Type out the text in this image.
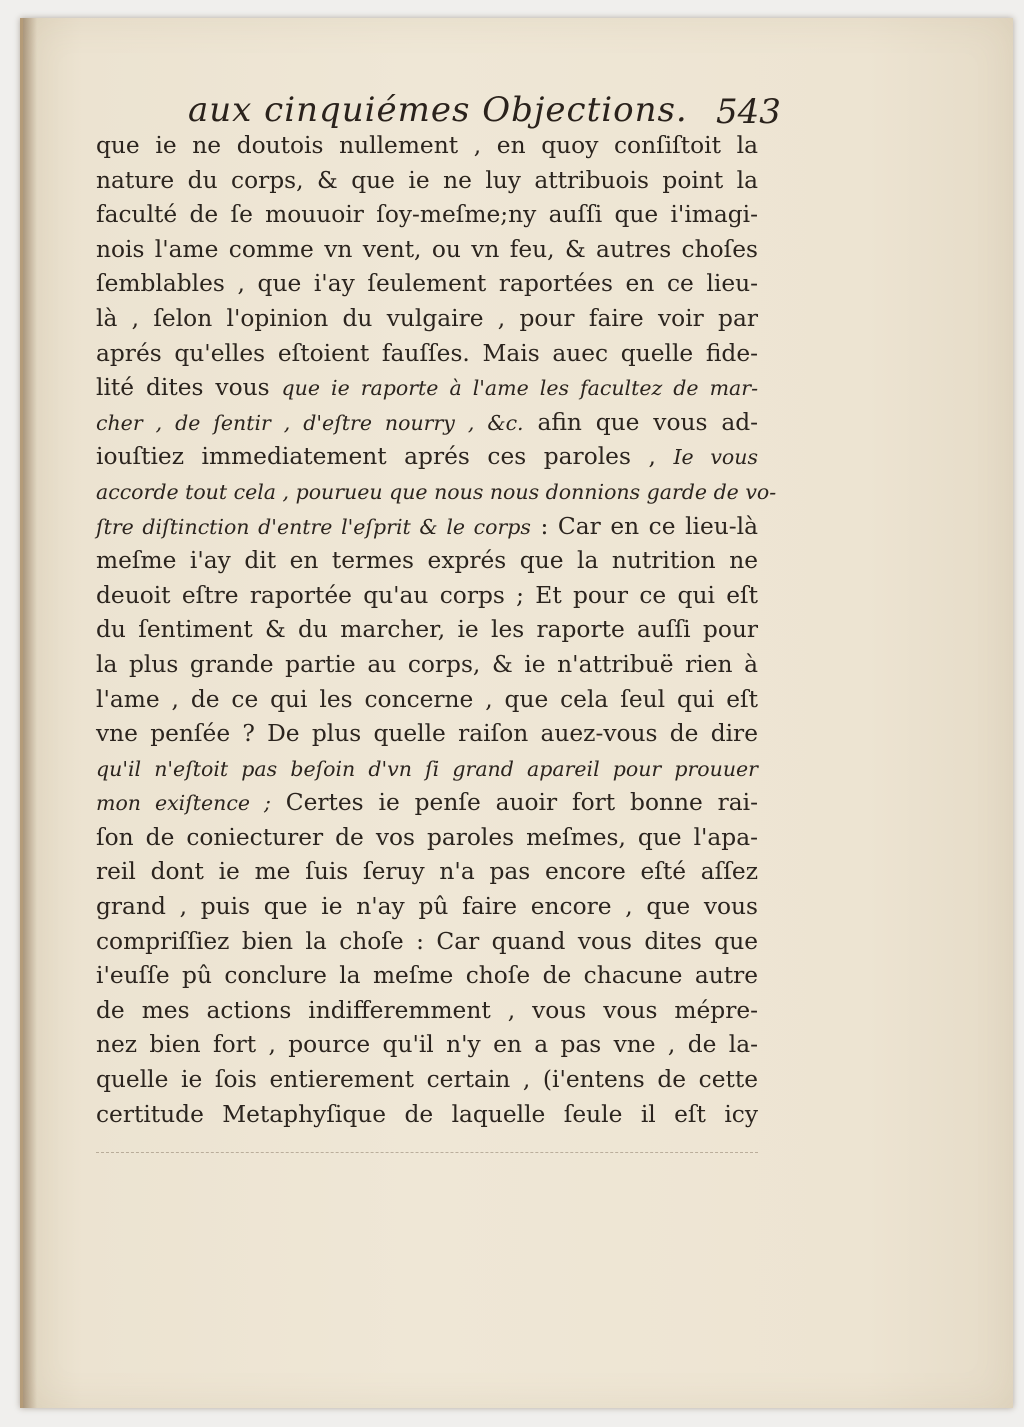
aux cinquiémes Objections. 543
que ie ne doutois nullement , en quoy conſiſtoit la
nature du corps, & que ie ne luy attribuois point la
faculté de ſe mouuoir ſoy-meſme;ny auſſi que i'imagi-
nois l'ame comme vn vent, ou vn feu, & autres choſes
ſemblables , que i'ay ſeulement raportées en ce lieu-
là , ſelon l'opinion du vulgaire , pour faire voir par
aprés qu'elles eſtoient fauſſes. Mais auec quelle fide-
lité dites vous que ie raporte à l'ame les facultez de mar-
cher , de ſentir , d'eſtre nourry , &c. afin que vous ad-
iouſtiez immediatement aprés ces paroles , Ie vous
accorde tout cela , pourueu que nous nous donnions garde de vo-
ſtre diſtinction d'entre l'eſprit & le corps : Car en ce lieu-là
meſme i'ay dit en termes exprés que la nutrition ne
deuoit eſtre raportée qu'au corps ; Et pour ce qui eſt
du ſentiment & du marcher, ie les raporte auſſi pour
la plus grande partie au corps, & ie n'attribuë rien à
l'ame , de ce qui les concerne , que cela ſeul qui eſt
vne penſée ? De plus quelle raiſon auez-vous de dire
qu'il n'eſtoit pas beſoin d'vn ſi grand apareil pour prouuer
mon exiſtence ; Certes ie penſe auoir fort bonne rai-
ſon de coniecturer de vos paroles meſmes, que l'apa-
reil dont ie me ſuis ſeruy n'a pas encore eſté aſſez
grand , puis que ie n'ay pû faire encore , que vous
compriſſiez bien la choſe : Car quand vous dites que
i'euſſe pû conclure la meſme choſe de chacune autre
de mes actions indifferemment , vous vous mépre-
nez bien fort , pource qu'il n'y en a pas vne , de la-
quelle ie ſois entierement certain , (i'entens de cette
certitude Metaphyſique de laquelle ſeule il eſt icy
